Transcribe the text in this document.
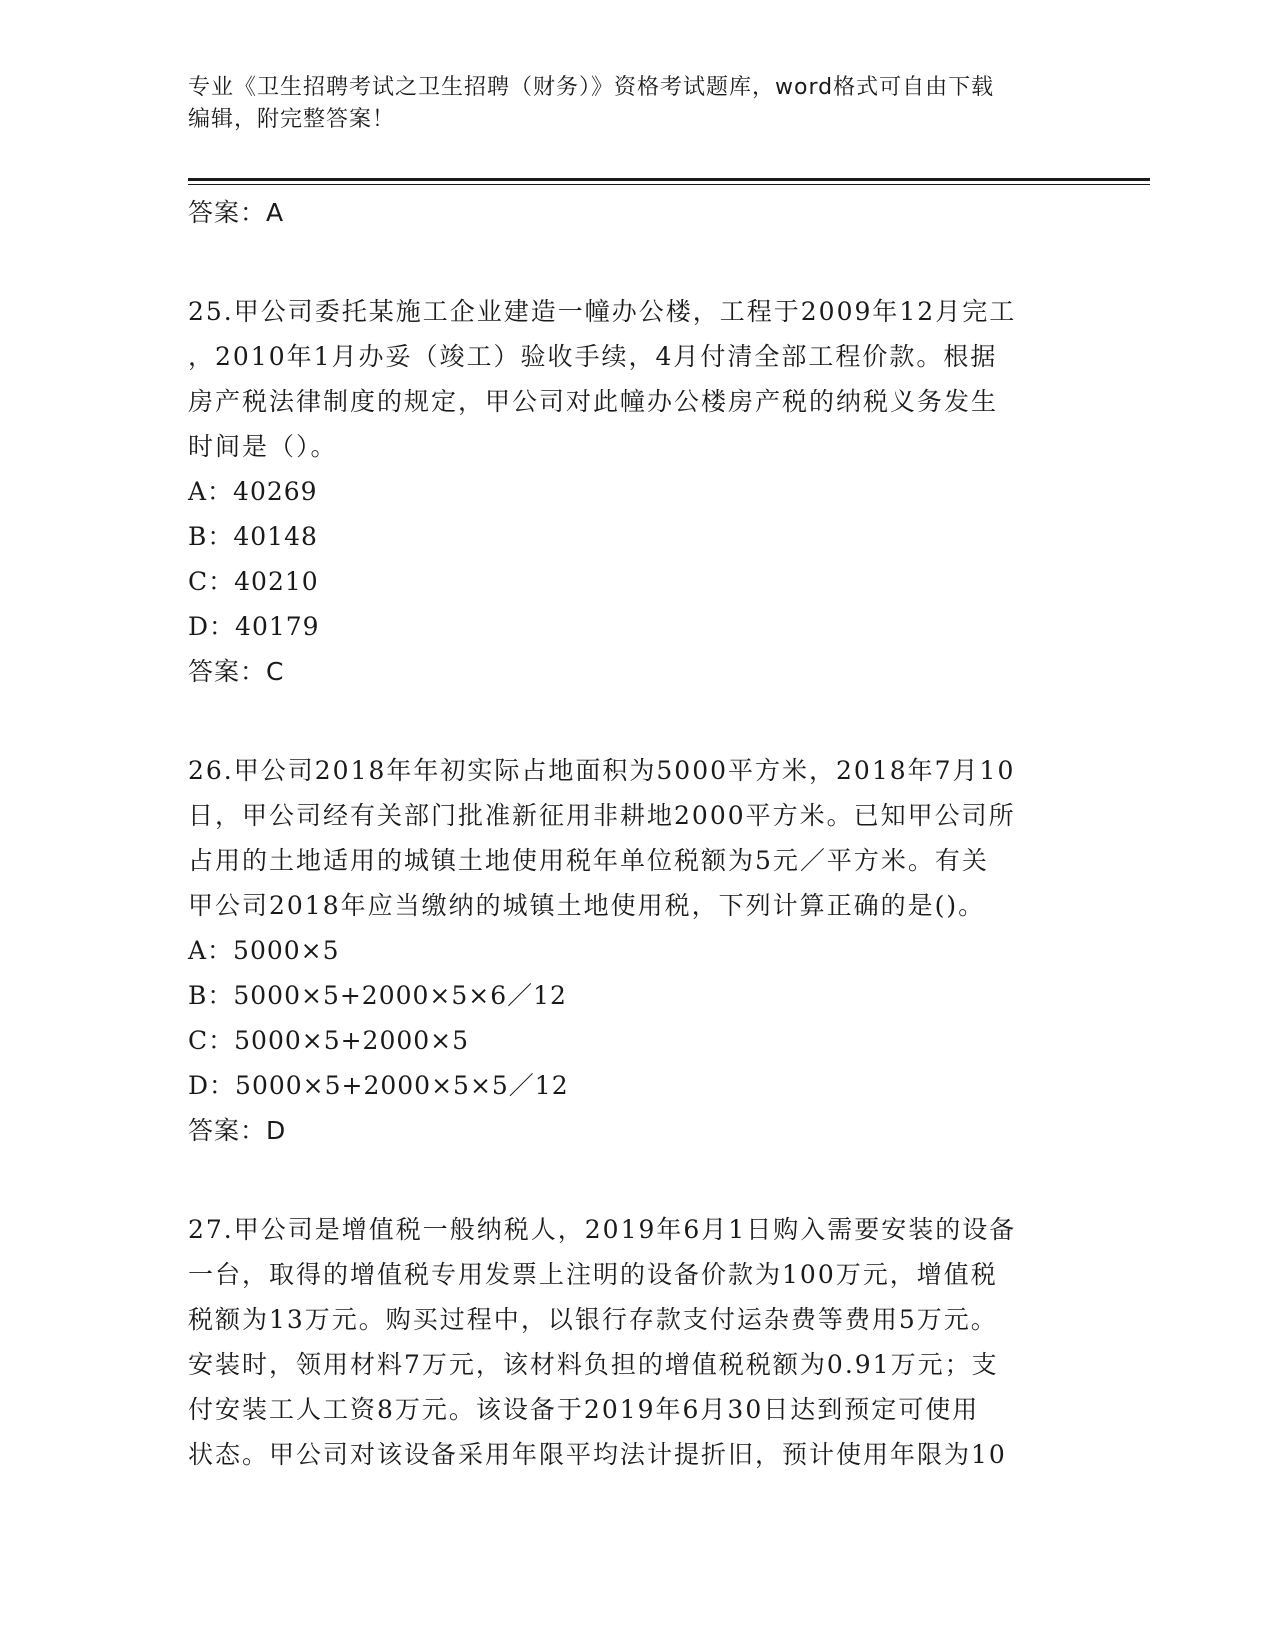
专业《卫生招聘考试之卫生招聘（财务）》资格考试题库，word格式可自由下载
编辑，附完整答案！

答案：A

25.甲公司委托某施工企业建造一幢办公楼，工程于2009年12月完工

，2010年1月办妥（竣工）验收手续，4月付清全部工程价款。根据

房产税法律制度的规定，甲公司对此幢办公楼房产税的纳税义务发生

时间是（）。

A：40269

B：40148

C：40210

D：40179

答案：C

26.甲公司2018年年初实际占地面积为5000平方米，2018年7月10

日，甲公司经有关部门批准新征用非耕地2000平方米。已知甲公司所

占用的土地适用的城镇土地使用税年单位税额为5元／平方米。有关

甲公司2018年应当缴纳的城镇土地使用税，下列计算正确的是()。

A：5000×5

B：5000×5+2000×5×6／12

C：5000×5+2000×5

D：5000×5+2000×5×5／12

答案：D

27.甲公司是增值税一般纳税人，2019年6月1日购入需要安装的设备

一台，取得的增值税专用发票上注明的设备价款为100万元，增值税

税额为13万元。购买过程中，以银行存款支付运杂费等费用5万元。

安装时，领用材料7万元，该材料负担的增值税税额为0.91万元；支

付安装工人工资8万元。该设备于2019年6月30日达到预定可使用

状态。甲公司对该设备采用年限平均法计提折旧，预计使用年限为10
